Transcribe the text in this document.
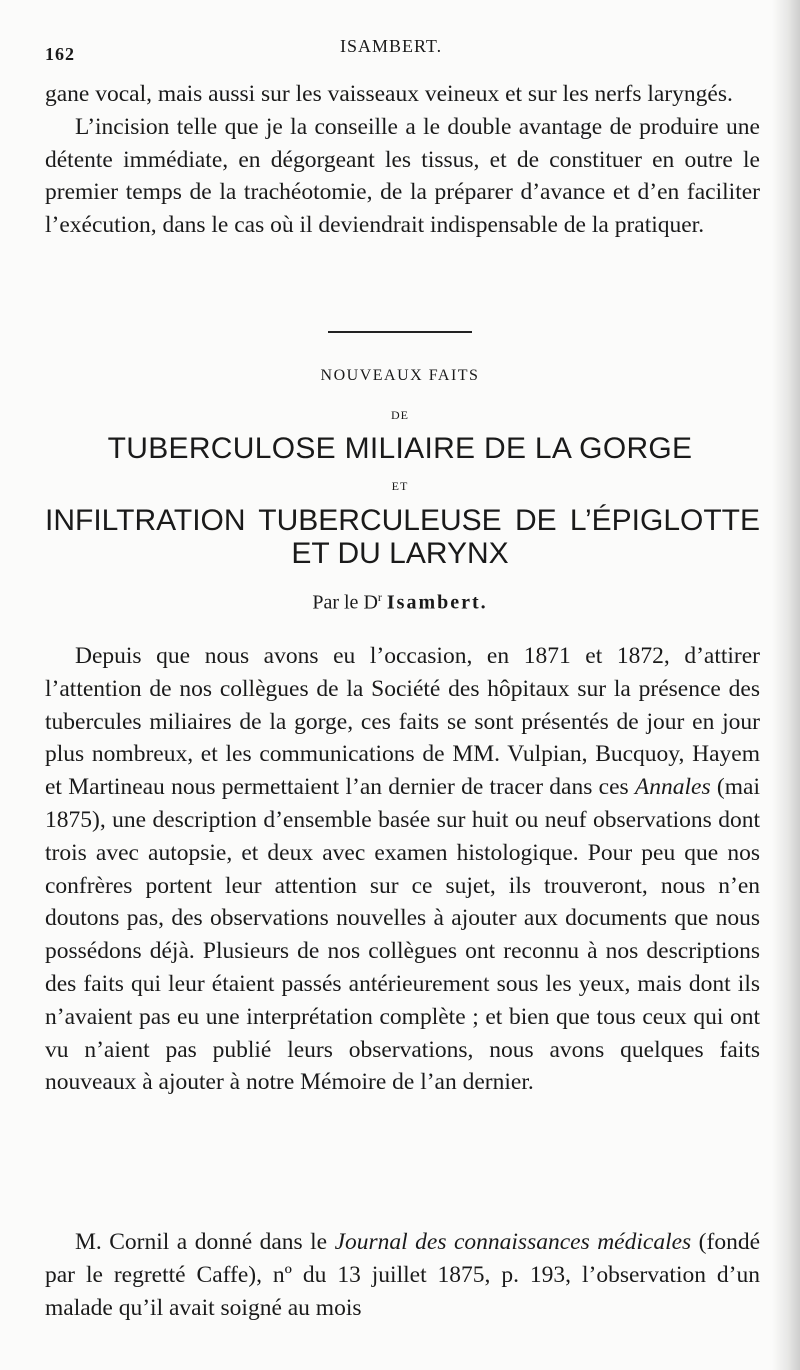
162	ISAMBERT.

gane vocal, mais aussi sur les vaisseaux veineux et sur les nerfs laryngés.

L’incision telle que je la conseille a le double avantage de produire une détente immédiate, en dégorgeant les tissus, et de constituer en outre le premier temps de la trachéotomie, de la préparer d’avance et d’en faciliter l’exécution, dans le cas où il deviendrait indispensable de la pratiquer.

NOUVEAUX FAITS
DE
TUBERCULOSE MILIAIRE DE LA GORGE
ET
INFILTRATION TUBERCULEUSE DE L’ÉPIGLOTTE
ET DU LARYNX
Par le $D^r$ Isambert.

Depuis que nous avons eu l’occasion, en 1871 et 1872, d’attirer l’attention de nos collègues de la Société des hôpitaux sur la présence des tubercules miliaires de la gorge, ces faits se sont présentés de jour en jour plus nombreux, et les communications de MM. Vulpian, Bucquoy, Hayem et Martineau nous permettaient l’an dernier de tracer dans ces Annales (mai 1875), une description d’ensemble basée sur huit ou neuf observations dont trois avec autopsie, et deux avec examen histologique. Pour peu que nos confrères portent leur attention sur ce sujet, ils trouveront, nous n’en doutons pas, des observations nouvelles à ajouter aux documents que nous possédons déjà. Plusieurs de nos collègues ont reconnu à nos descriptions des faits qui leur étaient passés antérieurement sous les yeux, mais dont ils n’avaient pas eu une interprétation complète ; et bien que tous ceux qui ont vu n’aient pas publié leurs observations, nous avons quelques faits nouveaux à ajouter à notre Mémoire de l’an dernier.

M. Cornil a donné dans le Journal des connaissances médicales (fondé par le regretté Caffe), nº du 13 juillet 1875, p. 193, l’observation d’un malade qu’il avait soigné au mois
